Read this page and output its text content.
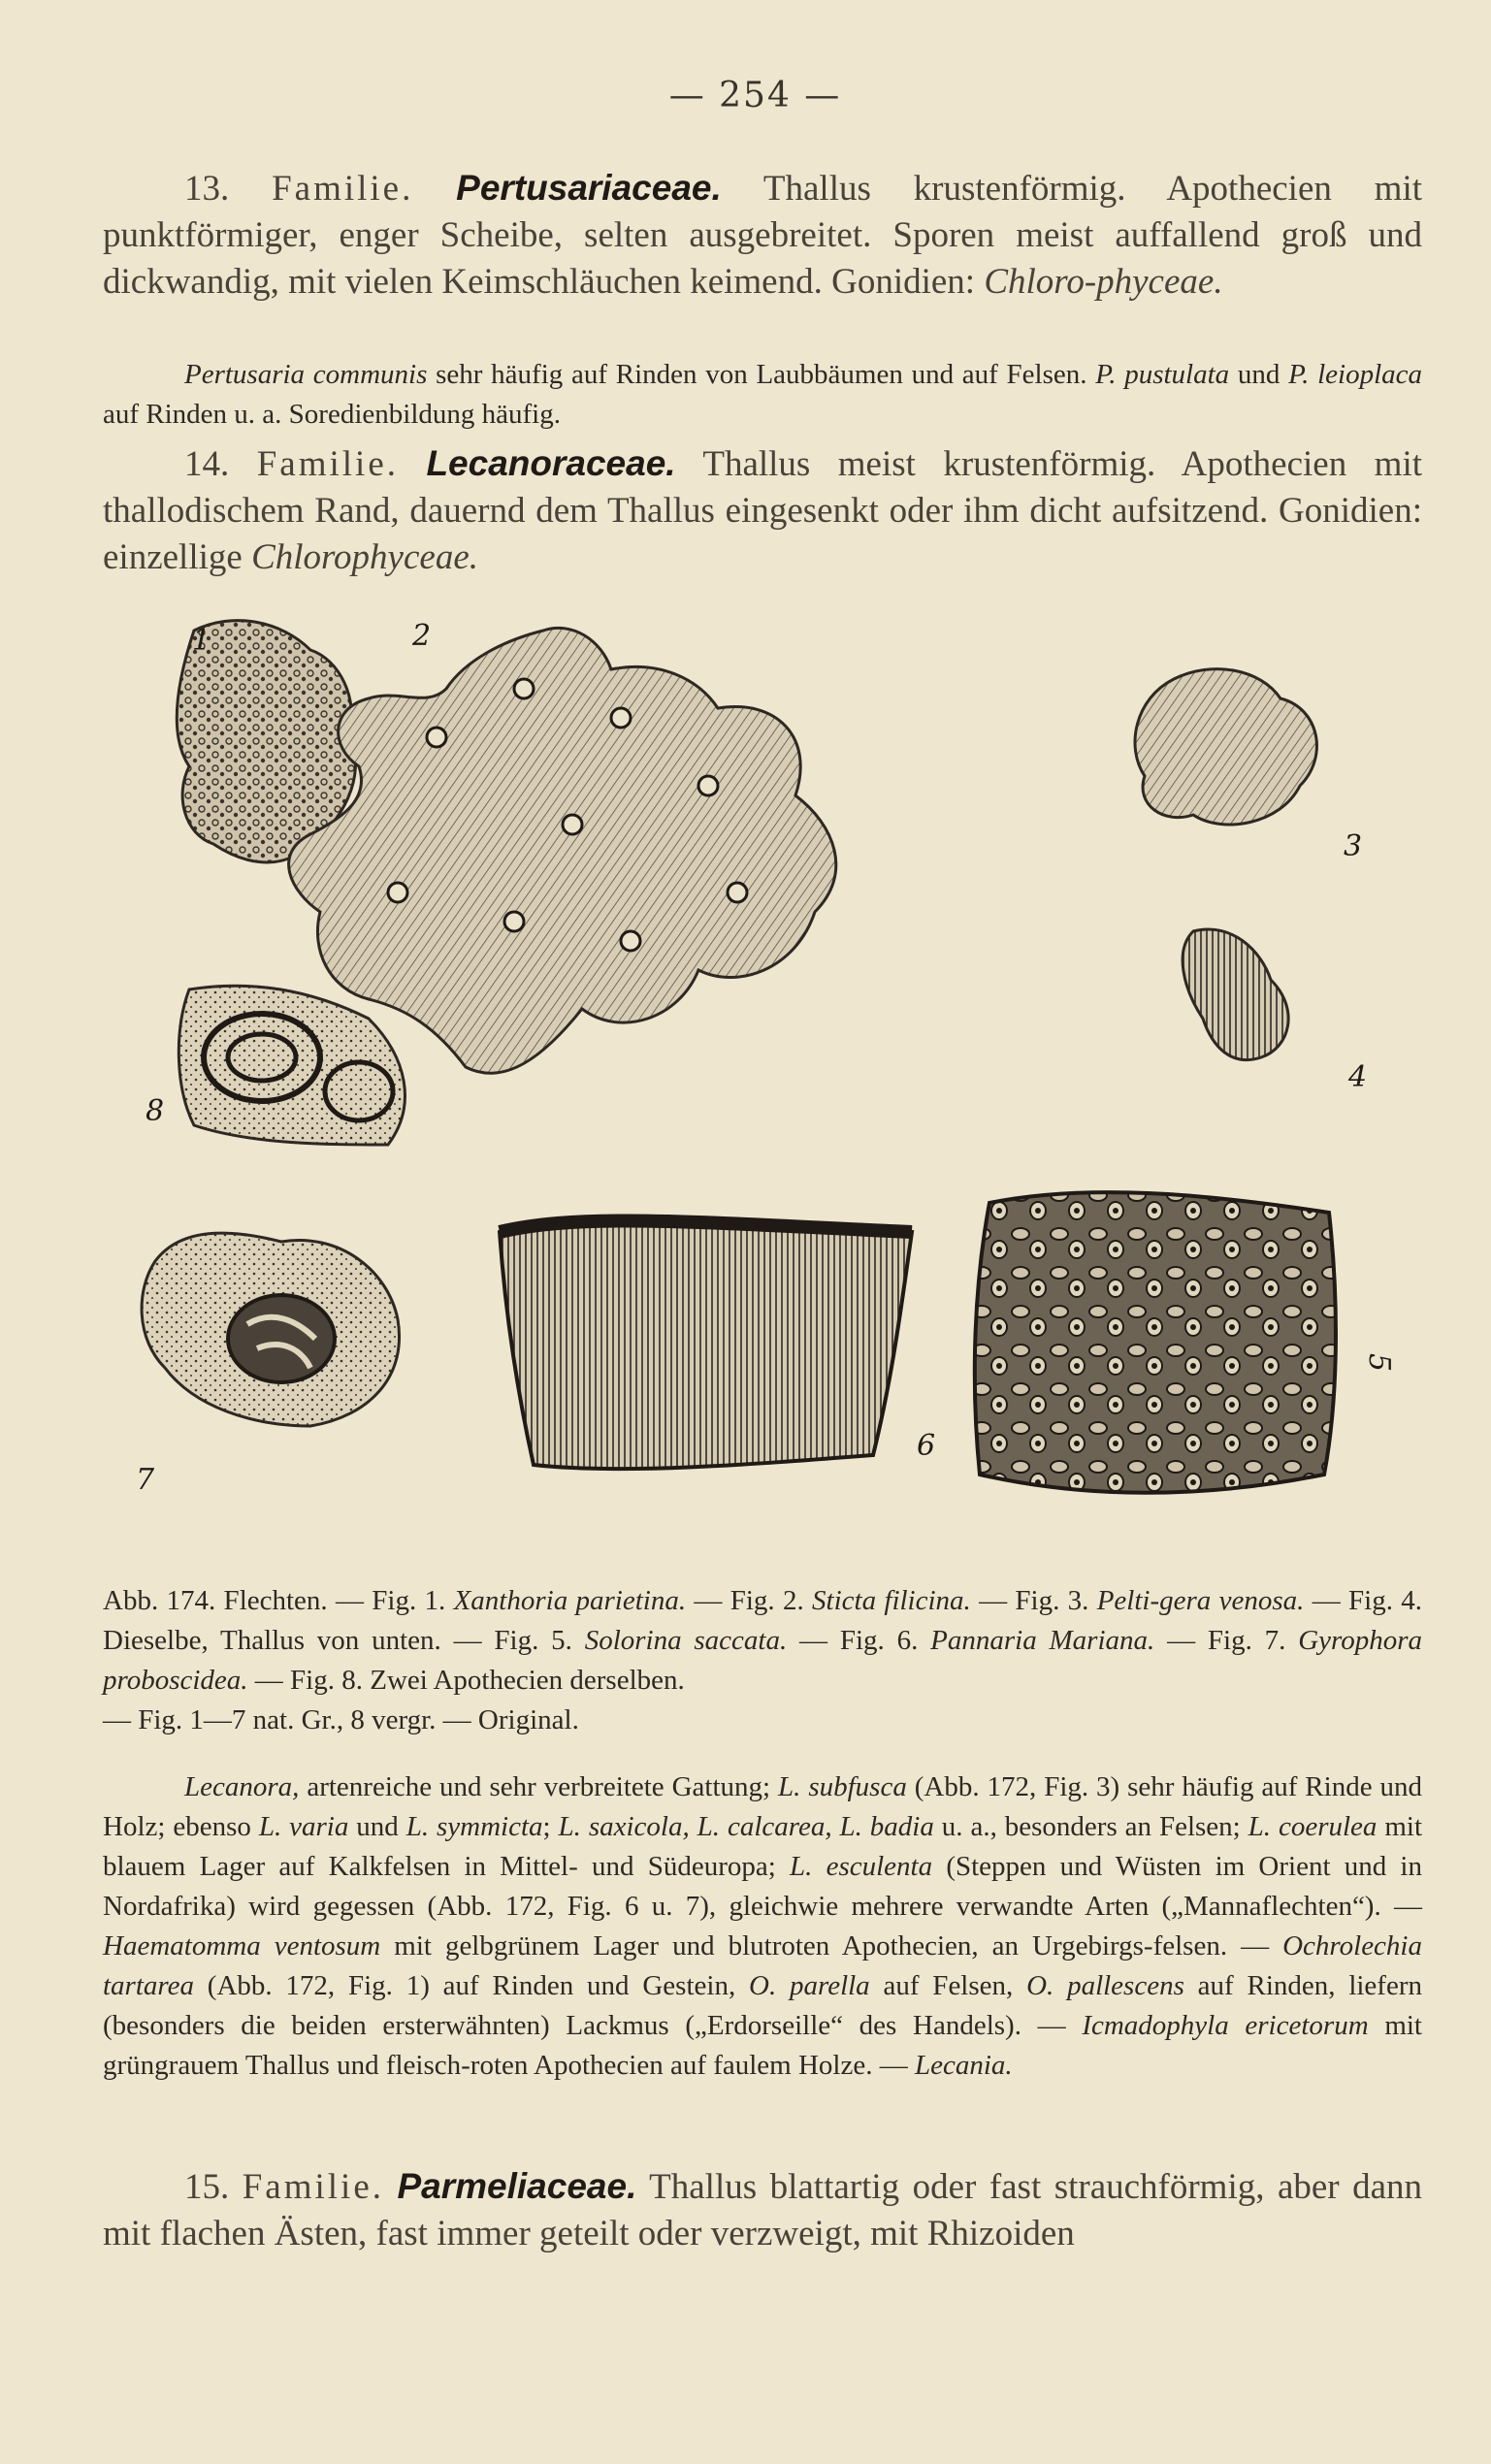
— 254 —
13. Familie. Pertusariaceae. Thallus krustenförmig. Apothecien mit punktförmiger, enger Scheibe, selten ausgebreitet. Sporen meist auffallend groß und dickwandig, mit vielen Keimschläuchen keimend. Gonidien: Chloro-phyceae.
Pertusaria communis sehr häufig auf Rinden von Laubbäumen und auf Felsen. P. pustulata und P. leioplaca auf Rinden u. a. Soredienbildung häufig.
14. Familie. Lecanoraceae. Thallus meist krustenförmig. Apothecien mit thallodischem Rand, dauernd dem Thallus eingesenkt oder ihm dicht aufsitzend. Gonidien: einzellige Chlorophyceae.
1	2
3
4
8
7
6
5
Abb. 174. Flechten. — Fig. 1. Xanthoria parietina. — Fig. 2. Sticta filicina. — Fig. 3. Pelti-gera venosa. — Fig. 4. Dieselbe, Thallus von unten. — Fig. 5. Solorina saccata. — Fig. 6. Pannaria Mariana. — Fig. 7. Gyrophora proboscidea. — Fig. 8. Zwei Apothecien derselben.
— Fig. 1—7 nat. Gr., 8 vergr. — Original.
Lecanora, artenreiche und sehr verbreitete Gattung; L. subfusca (Abb. 172, Fig. 3) sehr häufig auf Rinde und Holz; ebenso L. varia und L. symmicta; L. saxicola, L. calcarea, L. badia u. a., besonders an Felsen; L. coerulea mit blauem Lager auf Kalkfelsen in Mittel- und Südeuropa; L. esculenta (Steppen und Wüsten im Orient und in Nordafrika) wird gegessen (Abb. 172, Fig. 6 u. 7), gleichwie mehrere verwandte Arten („Mannaflechten“). — Haematomma ventosum mit gelbgrünem Lager und blutroten Apothecien, an Urgebirgs-felsen. — Ochrolechia tartarea (Abb. 172, Fig. 1) auf Rinden und Gestein, O. parella auf Felsen, O. pallescens auf Rinden, liefern (besonders die beiden ersterwähnten) Lackmus („Erdorseille“ des Handels). — Icmadophyla ericetorum mit grüngrauem Thallus und fleisch-roten Apothecien auf faulem Holze. — Lecania.
15. Familie. Parmeliaceae. Thallus blattartig oder fast strauchförmig, aber dann mit flachen Ästen, fast immer geteilt oder verzweigt, mit Rhizoiden
